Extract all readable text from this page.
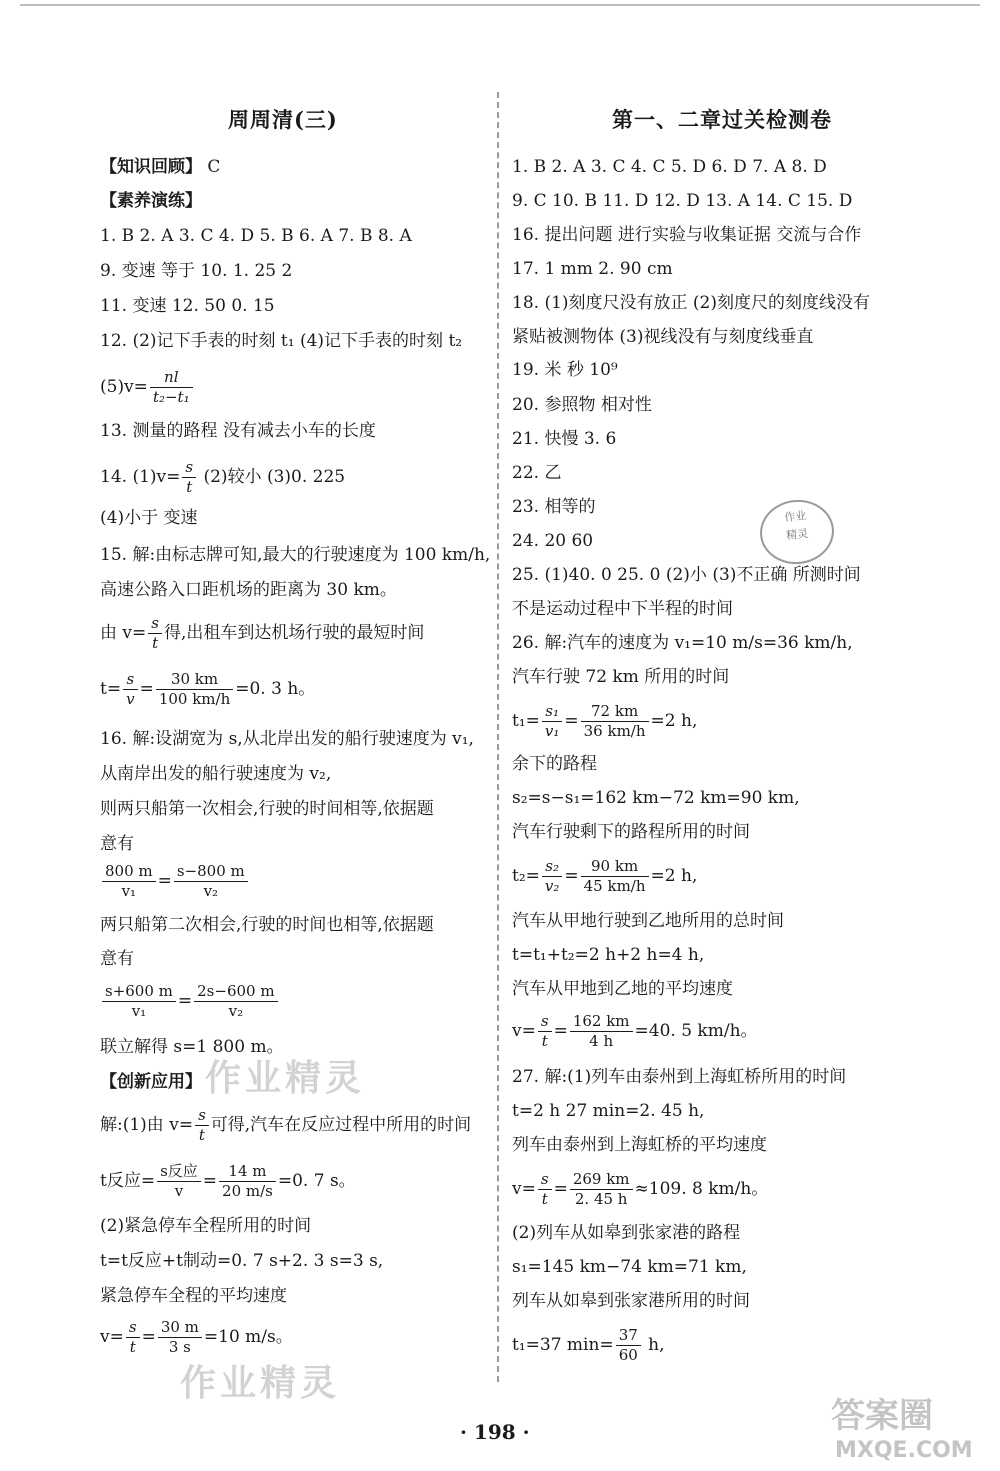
周周清(三)
【知识回顾】 C
【素养演练】
1. B 2. A 3. C 4. D 5. B 6. A 7. B 8. A
9. 变速 等于 10. 1. 25 2
11. 变速 12. 50 0. 15
12. (2)记下手表的时刻 t₁ (4)记下手表的时刻 t₂
$(5)v= \frac{nl}{\text{t₂−t₁}}$
13. 测量的路程 没有减去小车的长度
14. $(1)v= \frac{s}{t} (2)$较小 (3)0. 225
(4)小于 变速
15. 解:由标志牌可知,最大的行驶速度为 100 km/h,
高速公路入口距机场的距离为 30 km。
由 $v= \frac{s}{t}$ 得,出租车到达机场行驶的最短时间
$t= \frac{s}{v} = \frac{30 km}{100 km/h} =0$. 3 h。
16. 解:设湖宽为 s,从北岸出发的船行驶速度为 v₁,
从南岸出发的船行驶速度为 v₂,
则两只船第一次相会,行驶的时间相等,依据题
意有
$\frac{800 m}{\text{v₁}} = \frac{s-800 m}{\text{v₂}}$
两只船第二次相会,行驶的时间也相等,依据题
意有
$\frac{s+600 m}{\text{v₁}} = \frac{2s-600 m}{\text{v₂}}$
联立解得 s=1 800 m。
【创新应用】
解:(1)由 $v= \frac{s}{t}$ 可得,汽车在反应过程中所用的时间
t反应= $\frac{\text{s反应}}{v} = \frac{14 m}{20 m/s} =0$. 7 s。
(2)紧急停车全程所用的时间
t=t反应+t制动=0. 7 s+2. 3 s=3 s,
紧急停车全程的平均速度
$v= \frac{s}{t} = \frac{30 m}{3 s} =10$ m/s。
第一、二章过关检测卷
1. B 2. A 3. C 4. C 5. D 6. D 7. A 8. D
9. C 10. B 11. D 12. D 13. A 14. C 15. D
16. 提出问题 进行实验与收集证据 交流与合作
17. 1 mm 2. 90 cm
18. (1)刻度尺没有放正 (2)刻度尺的刻度线没有
紧贴被测物体 (3)视线没有与刻度线垂直
19. 米 秒 10⁹
20. 参照物 相对性
21. 快慢 3. 6
22. 乙
23. 相等的
24. 20 60
25. (1)40. 0 25. 0 (2)小 (3)不正确 所测时间
不是运动过程中下半程的时间
26. 解:汽车的速度为 v₁=10 m/s=36 km/h,
汽车行驶 72 km 所用的时间
$t_1= \frac{\text{s₁}}{\text{v₁}} = \frac{72 km}{36 km/h} =2$ h,
余下的路程
s₂=s−s₁=162 km−72 km=90 km,
汽车行驶剩下的路程所用的时间
$t_2= \frac{\text{s₂}}{\text{v₂}} = \frac{90 km}{45 km/h} =2$ h,
汽车从甲地行驶到乙地所用的总时间
t=t₁+t₂=2 h+2 h=4 h,
汽车从甲地到乙地的平均速度
$v= \frac{s}{t} = \frac{162 km}{4 h} =40$. 5 km/h。
27. 解:(1)列车由泰州到上海虹桥所用的时间
t=2 h 27 min=2. 45 h,
列车由泰州到上海虹桥的平均速度
$v= \frac{s}{t} = \frac{269 km}{2. 45 h} \approx 109$. 8 km/h。
(2)列车从如皋到张家港的路程
s₁=145 km−74 km=71 km,
列车从如皋到张家港所用的时间
t₁=37 $\min= \frac{37}{60} h$,
作业
精灵
作业精灵
作业精灵
· 198 ·	答案圈
MXQE.COM
